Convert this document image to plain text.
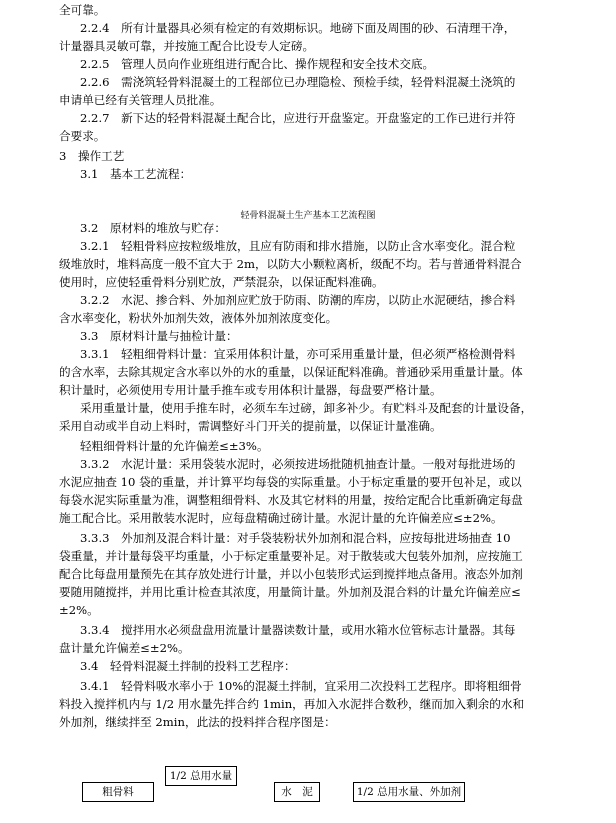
全可靠。
2.2.4　所有计量器具必须有检定的有效期标识。地磅下面及周围的砂、石清理干净，
计量器具灵敏可靠，并按施工配合比设专人定磅。
2.2.5　管理人员向作业班组进行配合比、操作规程和安全技术交底。
2.2.6　需浇筑轻骨料混凝土的工程部位已办理隐检、预检手续，轻骨料混凝土浇筑的
申请单已经有关管理人员批准。
2.2.7　新下达的轻骨料混凝土配合比，应进行开盘鉴定。开盘鉴定的工作已进行并符
合要求。
3　操作工艺
3.1　基本工艺流程：
3.2　原材料的堆放与贮存：
3.2.1　轻粗骨料应按粒级堆放，且应有防雨和排水措施，以防止含水率变化。混合粒
级堆放时，堆料高度一般不宜大于 2m，以防大小颗粒离析，级配不均。若与普通骨料混合
使用时，应使轻重骨料分别贮放，严禁混杂，以保证配料准确。
3.2.2　水泥、掺合料、外加剂应贮放于防雨、防潮的库房，以防止水泥硬结，掺合料
含水率变化，粉状外加剂失效，液体外加剂浓度变化。
3.3　原材料计量与抽检计量：
3.3.1　轻粗细骨料计量：宜采用体积计量，亦可采用重量计量，但必须严格检测骨料
的含水率，去除其规定含水率以外的水的重量，以保证配料准确。普通砂采用重量计量。体
积计量时，必须使用专用计量手推车或专用体积计量器，每盘要严格计量。
采用重量计量，使用手推车时，必须车车过磅，卸多补少。有贮料斗及配套的计量设备，
采用自动或半自动上料时，需调整好斗门开关的提前量，以保证计量准确。
轻粗细骨料计量的允许偏差≤±3%。
3.3.2　水泥计量：采用袋装水泥时，必须按进场批随机抽查计量。一般对每批进场的
水泥应抽查 10 袋的重量，并计算平均每袋的实际重量。小于标定重量的要开包补足，或以
每袋水泥实际重量为准，调整粗细骨料、水及其它材料的用量，按给定配合比重新确定每盘
施工配合比。采用散装水泥时，应每盘精确过磅计量。水泥计量的允许偏差应≤±2%。
3.3.3　外加剂及混合料计量：对手袋装粉状外加剂和混合料，应按每批进场抽查 10
袋重量，并计量每袋平均重量，小于标定重量要补足。对于散装或大包装外加剂，应按施工
配合比每盘用量预先在其存放处进行计量，并以小包装形式运到搅拌地点备用。液态外加剂
要随用随搅拌，并用比重计检查其浓度，用量筒计量。外加剂及混合料的计量允许偏差应≤
±2%。
3.3.4　搅拌用水必须盘盘用流量计量器读数计量，或用水箱水位管标志计量器。其每
盘计量允许偏差≤±2%。
3.4　轻骨料混凝土拌制的投料工艺程序：
3.4.1　轻骨料吸水率小于 10%的混凝土拌制，宜采用二次投料工艺程序。即将粗细骨
料投入搅拌机内与 1/2 用水量先拌合约 1min，再加入水泥拌合数秒，继而加入剩余的水和
外加剂，继续拌至 2min，此法的投料拌合程序图是：
轻骨料混凝土生产基本工艺流程图
1/2 总用水量
粗骨料	水　泥	1/2 总用水量、外加剂
